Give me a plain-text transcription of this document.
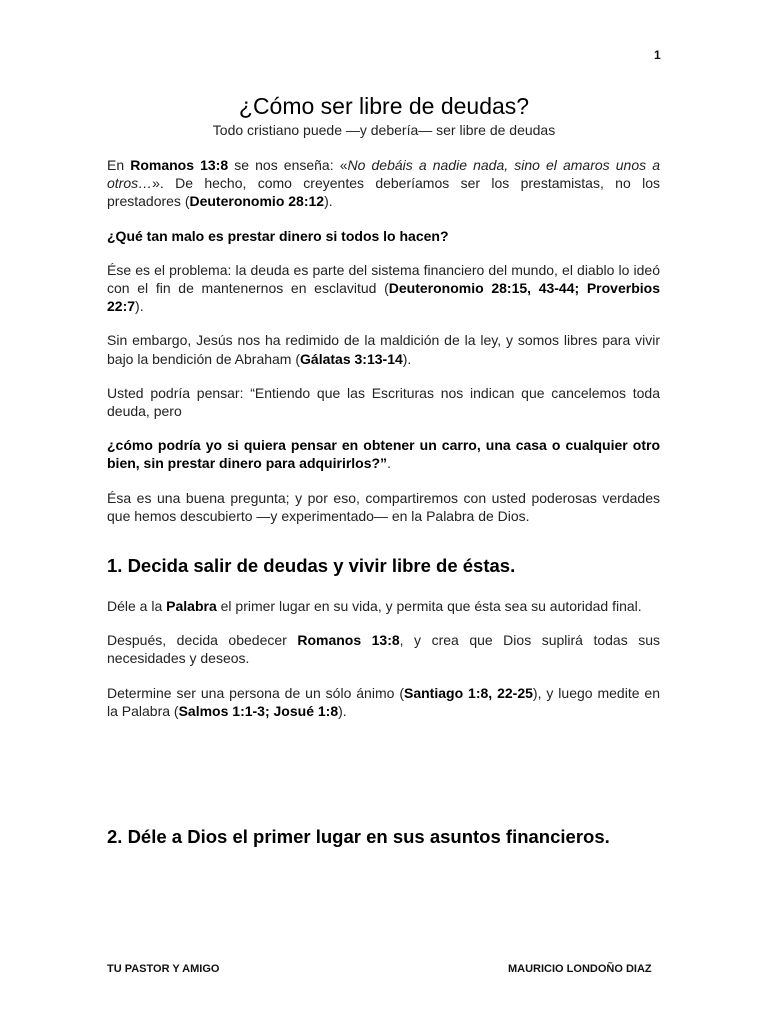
1
¿Cómo ser libre de deudas?
Todo cristiano puede —y debería— ser libre de deudas

En Romanos 13:8 se nos enseña: «No debáis a nadie nada, sino el amaros unos a otros…». De hecho, como creyentes deberíamos ser los prestamistas, no los prestadores (Deuteronomio 28:12).

¿Qué tan malo es prestar dinero si todos lo hacen?

Ése es el problema: la deuda es parte del sistema financiero del mundo, el diablo lo ideó con el fin de mantenernos en esclavitud (Deuteronomio 28:15, 43-44; Proverbios 22:7).

Sin embargo, Jesús nos ha redimido de la maldición de la ley, y somos libres para vivir bajo la bendición de Abraham (Gálatas 3:13-14).

Usted podría pensar: “Entiendo que las Escrituras nos indican que cancelemos toda deuda, pero

¿cómo podría yo si quiera pensar en obtener un carro, una casa o cualquier otro bien, sin prestar dinero para adquirirlos?”.

Ésa es una buena pregunta; y por eso, compartiremos con usted poderosas verdades que hemos descubierto —y experimentado— en la Palabra de Dios.

1. Decida salir de deudas y vivir libre de éstas.

Déle a la Palabra el primer lugar en su vida, y permita que ésta sea su autoridad final.

Después, decida obedecer Romanos 13:8, y crea que Dios suplirá todas sus necesidades y deseos.

Determine ser una persona de un sólo ánimo (Santiago 1:8, 22-25), y luego medite en la Palabra (Salmos 1:1-3; Josué 1:8).

2. Déle a Dios el primer lugar en sus asuntos financieros.
TU PASTOR Y AMIGO	MAURICIO LONDOÑO DIAZ
